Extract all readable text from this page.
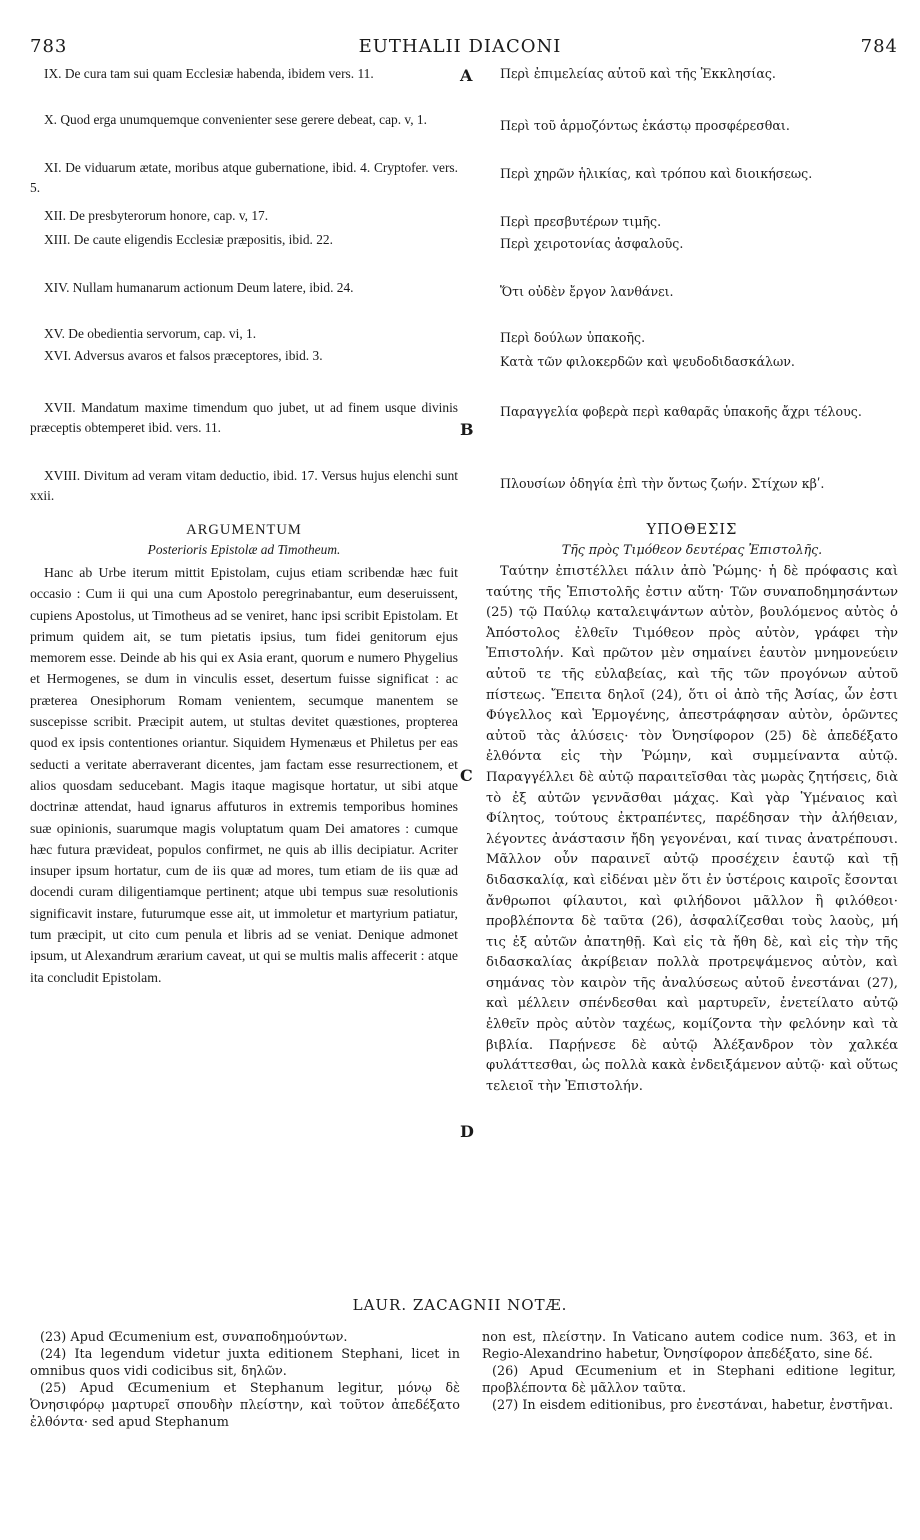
783	EUTHALII DIACONI	784
A
B
C
D

IX. De cura tam sui quam Ecclesiæ habenda, ibidem vers. 11.

X. Quod erga unumquemque convenienter sese gerere debeat, cap. v, 1.

XI. De viduarum ætate, moribus atque gubernatione, ibid. 4. Cryptofer. vers. 5.

XII. De presbyterorum honore, cap. v, 17.

XIII. De caute eligendis Ecclesiæ præpositis, ibid. 22.

XIV. Nullam humanarum actionum Deum latere, ibid. 24.

XV. De obedientia servorum, cap. vi, 1.

XVI. Adversus avaros et falsos præceptores, ibid. 3.

XVII. Mandatum maxime timendum quo jubet, ut ad finem usque divinis præceptis obtemperet ibid. vers. 11.

XVIII. Divitum ad veram vitam deductio, ibid. 17. Versus hujus elenchi sunt xxii.

Περὶ ἐπιμελείας αὑτοῦ καὶ τῆς Ἐκκλησίας.

Περὶ τοῦ ἁρμοζόντως ἑκάστῳ προσφέρεσθαι.

Περὶ χηρῶν ἡλικίας, καὶ τρόπου καὶ διοικήσεως.

Περὶ πρεσβυτέρων τιμῆς.

Περὶ χειροτονίας ἀσφαλοῦς.

Ὅτι οὐδὲν ἔργον λανθάνει.

Περὶ δούλων ὑπακοῆς.

Κατὰ τῶν φιλοκερδῶν καὶ ψευδοδιδασκάλων.

Παραγγελία φοβερὰ περὶ καθαρᾶς ὑπακοῆς ἄχρι τέλους.

Πλουσίων ὁδηγία ἐπὶ τὴν ὄντως ζωήν. Στίχων κβʹ.

ARGUMENTUM
Posterioris Epistolæ ad Timotheum.

Hanc ab Urbe iterum mittit Epistolam, cujus etiam scribendæ hæc fuit occasio : Cum ii qui una cum Apostolo peregrinabantur, eum deseruissent, cupiens Apostolus, ut Timotheus ad se veniret, hanc ipsi scribit Epistolam. Et primum quidem ait, se tum pietatis ipsius, tum fidei genitorum ejus memorem esse. Deinde ab his qui ex Asia erant, quorum e numero Phygelius et Hermogenes, se dum in vinculis esset, desertum fuisse significat : ac præterea Onesiphorum Romam venientem, secumque manentem se suscepisse scribit. Præcipit autem, ut stultas devitet quæstiones, propterea quod ex ipsis contentiones oriantur. Siquidem Hymenæus et Philetus per eas seducti a veritate aberraverant dicentes, jam factam esse resurrectionem, et alios quosdam seducebant. Magis itaque magisque hortatur, ut sibi atque doctrinæ attendat, haud ignarus affuturos in extremis temporibus homines suæ opinionis, suarumque magis voluptatum quam Dei amatores : cumque hæc futura prævideat, populos confirmet, ne quis ab illis decipiatur. Acriter insuper ipsum hortatur, cum de iis quæ ad mores, tum etiam de iis quæ ad docendi curam diligentiamque pertinent; atque ubi tempus suæ resolutionis significavit instare, futurumque esse ait, ut immoletur et martyrium patiatur, tum præcipit, ut cito cum penula et libris ad se veniat. Denique admonet ipsum, ut Alexandrum ærarium caveat, ut qui se multis malis affecerit : atque ita concludit Epistolam.

ΥΠΟΘΕΣΙΣ
Τῆς πρὸς Τιμόθεον δευτέρας Ἐπιστολῆς.

Ταύτην ἐπιστέλλει πάλιν ἀπὸ Ῥώμης· ἡ δὲ πρόφασις καὶ ταύτης τῆς Ἐπιστολῆς ἐστιν αὕτη· Τῶν συναποδημησάντων (25) τῷ Παύλῳ καταλειψάντων αὐτὸν, βουλόμενος αὐτὸς ὁ Ἀπόστολος ἐλθεῖν Τιμόθεον πρὸς αὐτὸν, γράφει τὴν Ἐπιστολήν. Καὶ πρῶτον μὲν σημαίνει ἑαυτὸν μνημονεύειν αὐτοῦ τε τῆς εὐλαβείας, καὶ τῆς τῶν προγόνων αὐτοῦ πίστεως. Ἔπειτα δηλοῖ (24), ὅτι οἱ ἀπὸ τῆς Ἀσίας, ὧν ἐστι Φύγελλος καὶ Ἑρμογένης, ἀπεστράφησαν αὐτὸν, ὁρῶντες αὐτοῦ τὰς ἁλύσεις· τὸν Ὀνησίφορον (25) δὲ ἀπεδέξατο ἐλθόντα εἰς τὴν Ῥώμην, καὶ συμμείναντα αὐτῷ. Παραγγέλλει δὲ αὐτῷ παραιτεῖσθαι τὰς μωρὰς ζητήσεις, διὰ τὸ ἐξ αὐτῶν γεννᾶσθαι μάχας. Καὶ γὰρ Ὑμέναιος καὶ Φίλητος, τούτους ἐκτραπέντες, παρέδησαν τὴν ἀλήθειαν, λέγοντες ἀνάστασιν ἤδη γεγονέναι, καί τινας ἀνατρέπουσι. Μᾶλλον οὖν παραινεῖ αὐτῷ προσέχειν ἑαυτῷ καὶ τῇ διδασκαλίᾳ, καὶ εἰδέναι μὲν ὅτι ἐν ὑστέροις καιροῖς ἔσονται ἄνθρωποι φίλαυτοι, καὶ φιλήδονοι μᾶλλον ἢ φιλόθεοι· προβλέποντα δὲ ταῦτα (26), ἀσφαλίζεσθαι τοὺς λαοὺς, μή τις ἐξ αὐτῶν ἀπατηθῇ. Καὶ εἰς τὰ ἤθη δὲ, καὶ εἰς τὴν τῆς διδασκαλίας ἀκρίβειαν πολλὰ προτρεψάμενος αὐτὸν, καὶ σημάνας τὸν καιρὸν τῆς ἀναλύσεως αὐτοῦ ἐνεστάναι (27), καὶ μέλλειν σπένδεσθαι καὶ μαρτυρεῖν, ἐνετείλατο αὐτῷ ἐλθεῖν πρὸς αὐτὸν ταχέως, κομίζοντα τὴν φελόνην καὶ τὰ βιβλία. Παρῄνεσε δὲ αὐτῷ Ἀλέξανδρον τὸν χαλκέα φυλάττεσθαι, ὡς πολλὰ κακὰ ἐνδειξάμενον αὐτῷ· καὶ οὕτως τελειοῖ τὴν Ἐπιστολήν.

LAUR. ZACAGNII NOTÆ.

(23) Apud Œcumenium est, συναποδημούντων.

(24) Ita legendum videtur juxta editionem Stephani, licet in omnibus quos vidi codicibus sit, δηλῶν.

(25) Apud Œcumenium et Stephanum legitur, μόνῳ δὲ Ὀνησιφόρῳ μαρτυρεῖ σπουδὴν πλείστην, καὶ τοῦτον ἀπεδέξατο ἐλθόντα· sed apud Stephanum

non est, πλείστην. In Vaticano autem codice num. 363, et in Regio-Alexandrino habetur, Ὀνησίφορον ἀπεδέξατο, sine δέ.

(26) Apud Œcumenium et in Stephani editione legitur, προβλέποντα δὲ μᾶλλον ταῦτα.

(27) In eisdem editionibus, pro ἐνεστάναι, habetur, ἐνστῆναι.
